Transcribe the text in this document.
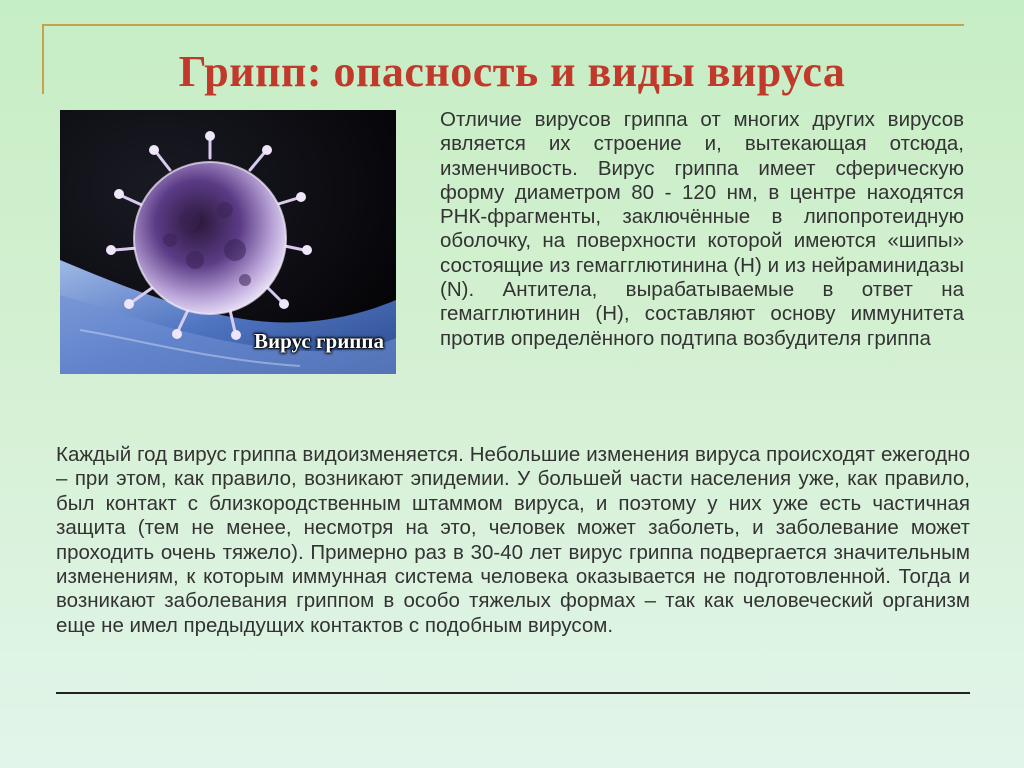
Грипп: опасность и виды вируса
Вирус гриппа

Отличие вирусов гриппа от многих других вирусов является их строение и, вытекающая отсюда, изменчивость. Вирус гриппа имеет сферическую форму диаметром 80 - 120 нм, в центре находятся РНК-фрагменты, заключённые в липопротеидную оболочку, на поверхности которой имеются «шипы» состоящие из гемагглютинина (H) и из нейраминидазы (N). Антитела, вырабатываемые в ответ на гемагглютинин (H), составляют основу иммунитета против определённого подтипа возбудителя гриппа

Каждый год вирус гриппа видоизменяется. Небольшие изменения вируса происходят ежегодно – при этом, как правило, возникают эпидемии. У большей части населения уже, как правило, был контакт с близкородственным штаммом вируса, и поэтому у них уже есть частичная защита (тем не менее, несмотря на это, человек может заболеть, и заболевание может проходить очень тяжело). Примерно раз в 30-40 лет вирус гриппа подвергается значительным изменениям, к которым иммунная система человека оказывается не подготовленной. Тогда и возникают заболевания гриппом в особо тяжелых формах – так как человеческий организм еще не имел предыдущих контактов с подобным вирусом.
